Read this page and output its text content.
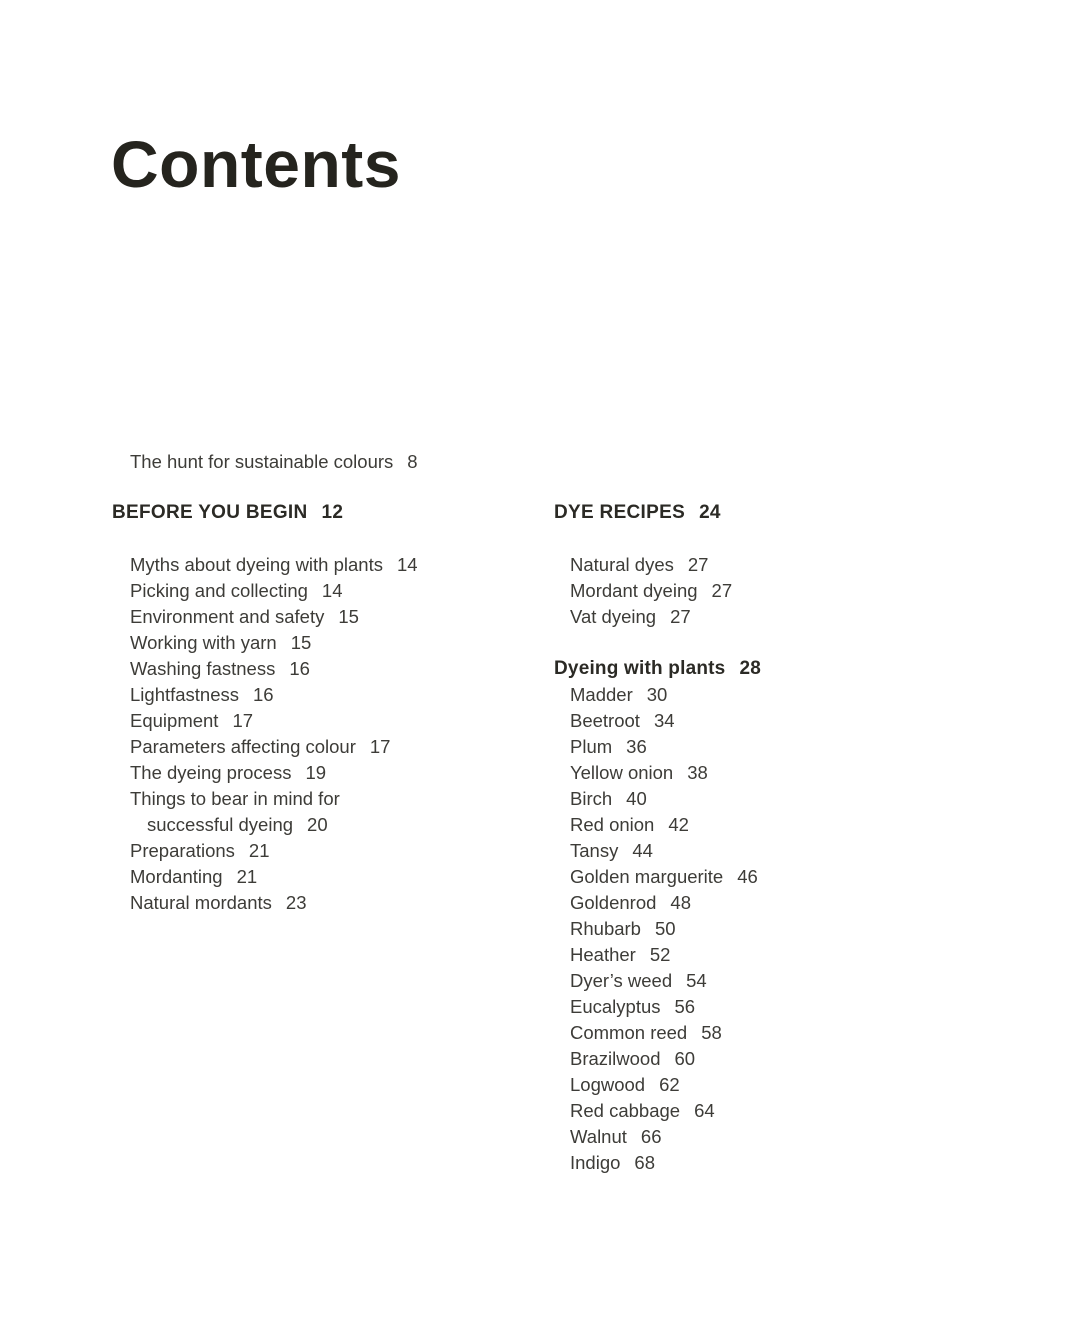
Contents
The hunt for sustainable colours 8
BEFORE YOU BEGIN 12
Myths about dyeing with plants 14
Picking and collecting 14
Environment and safety 15
Working with yarn 15
Washing fastness 16
Lightfastness 16
Equipment 17
Parameters affecting colour 17
The dyeing process 19
Things to bear in mind for
successful dyeing 20
Preparations 21
Mordanting 21
Natural mordants 23
DYE RECIPES 24
Natural dyes 27
Mordant dyeing 27
Vat dyeing 27
Dyeing with plants 28
Madder 30
Beetroot 34
Plum 36
Yellow onion 38
Birch 40
Red onion 42
Tansy 44
Golden marguerite 46
Goldenrod 48
Rhubarb 50
Heather 52
Dyer’s weed 54
Eucalyptus 56
Common reed 58
Brazilwood 60
Logwood 62
Red cabbage 64
Walnut 66
Indigo 68
